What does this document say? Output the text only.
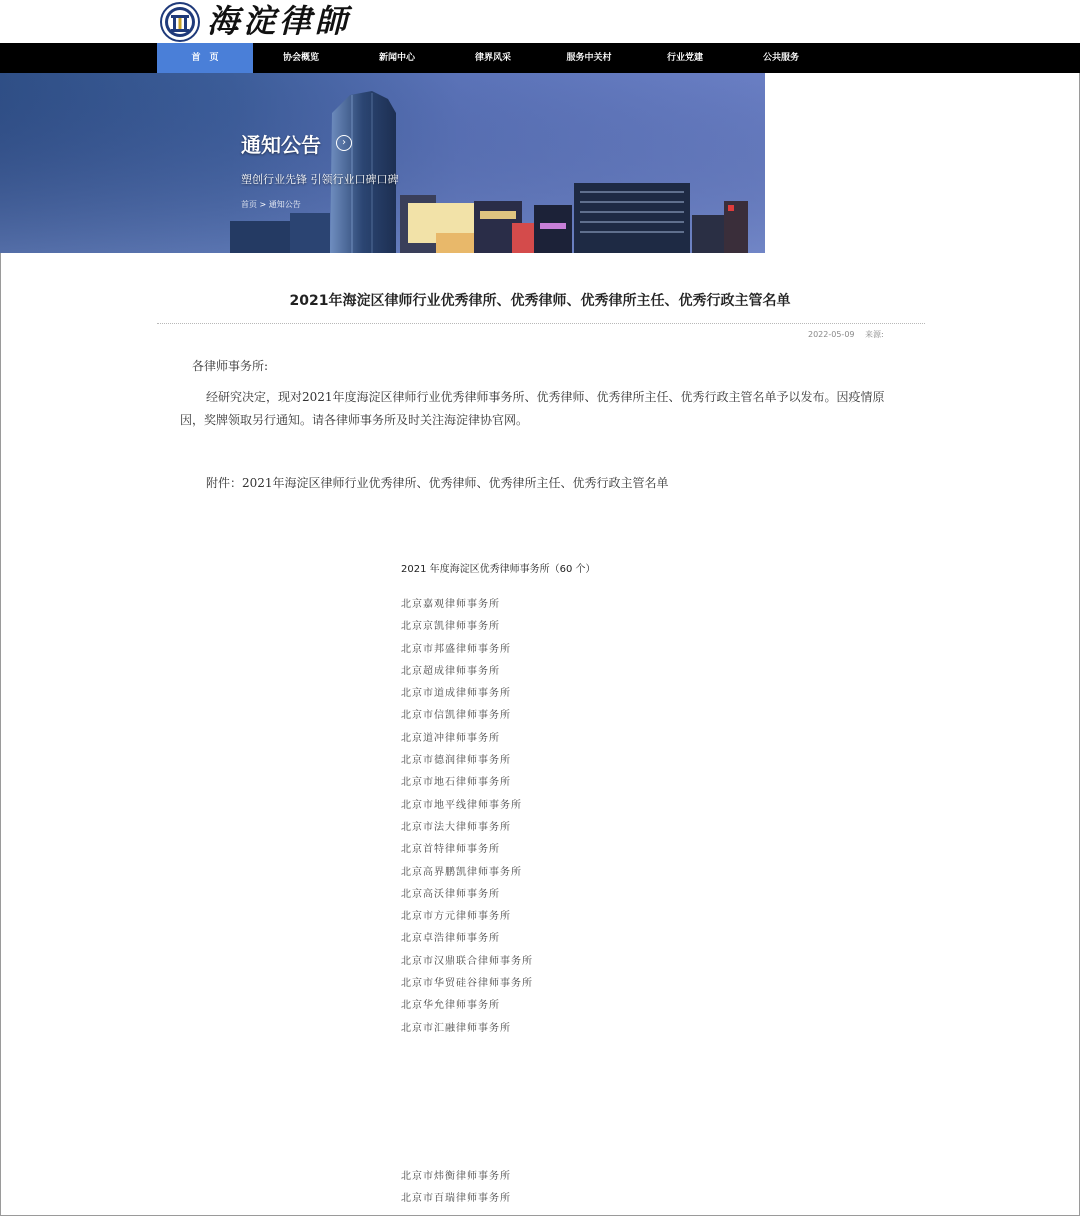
海淀律師
首　页	协会概览	新闻中心	律界风采	服务中关村	行业党建	公共服务
通知公告	›
塑创行业先锋 引领行业口碑口碑
首页 > 通知公告
2021年海淀区律师行业优秀律所、优秀律师、优秀律所主任、优秀行政主管名单
2022-05-09 来源:
各律师事务所:
经研究决定，现对2021年度海淀区律师行业优秀律师事务所、优秀律师、优秀律所主任、优秀行政主管名单予以发布。因疫情原因，奖牌领取另行通知。请各律师事务所及时关注海淀律协官网。
附件：2021年海淀区律师行业优秀律所、优秀律师、优秀律所主任、优秀行政主管名单
2021 年度海淀区优秀律师事务所（60 个）
北京嘉观律师事务所
北京京凯律师事务所
北京市邦盛律师事务所
北京超成律师事务所
北京市道成律师事务所
北京市信凯律师事务所
北京道冲律师事务所
北京市德润律师事务所
北京市地石律师事务所
北京市地平线律师事务所
北京市法大律师事务所
北京首特律师事务所
北京高界鹏凯律师事务所
北京高沃律师事务所
北京市方元律师事务所
北京卓浩律师事务所
北京市汉鼎联合律师事务所
北京市华贸硅谷律师事务所
北京华允律师事务所
北京市汇融律师事务所
北京市炜衡律师事务所
北京市百瑞律师事务所
